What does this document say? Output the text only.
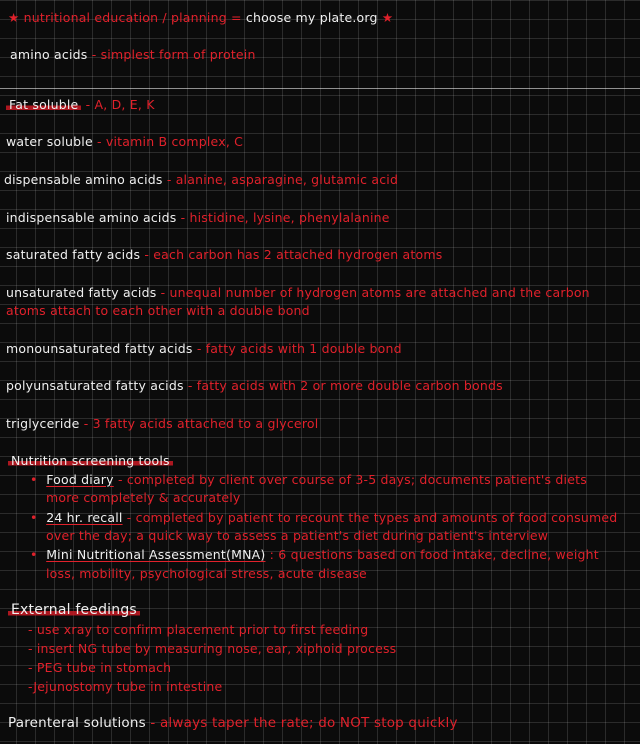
★ nutritional education / planning = choose my plate.org ★
amino acids - simplest form of protein
Fat soluble - A, D, E, K
water soluble - vitamin B complex, C
dispensable amino acids - alanine, asparagine, glutamic acid
indispensable amino acids - histidine, lysine, phenylalanine
saturated fatty acids - each carbon has 2 attached hydrogen atoms
unsaturated fatty acids - unequal number of hydrogen atoms are attached and the carbon
atoms attach to each other with a double bond
monounsaturated fatty acids - fatty acids with 1 double bond
polyunsaturated fatty acids - fatty acids with 2 or more double carbon bonds
triglyceride - 3 fatty acids attached to a glycerol
Nutrition screening tools
• Food diary - completed by client over course of 3-5 days; documents patient's diets
more completely & accurately
• 24 hr. recall - completed by patient to recount the types and amounts of food consumed
over the day; a quick way to assess a patient's diet during patient's interview
• Mini Nutritional Assessment(MNA) : 6 questions based on food intake, decline, weight
loss, mobility, psychological stress, acute disease
External feedings
- use xray to confirm placement prior to first feeding
- insert NG tube by measuring nose, ear, xiphoid process
- PEG tube in stomach
-Jejunostomy tube in intestine
Parenteral solutions - always taper the rate; do NOT stop quickly
